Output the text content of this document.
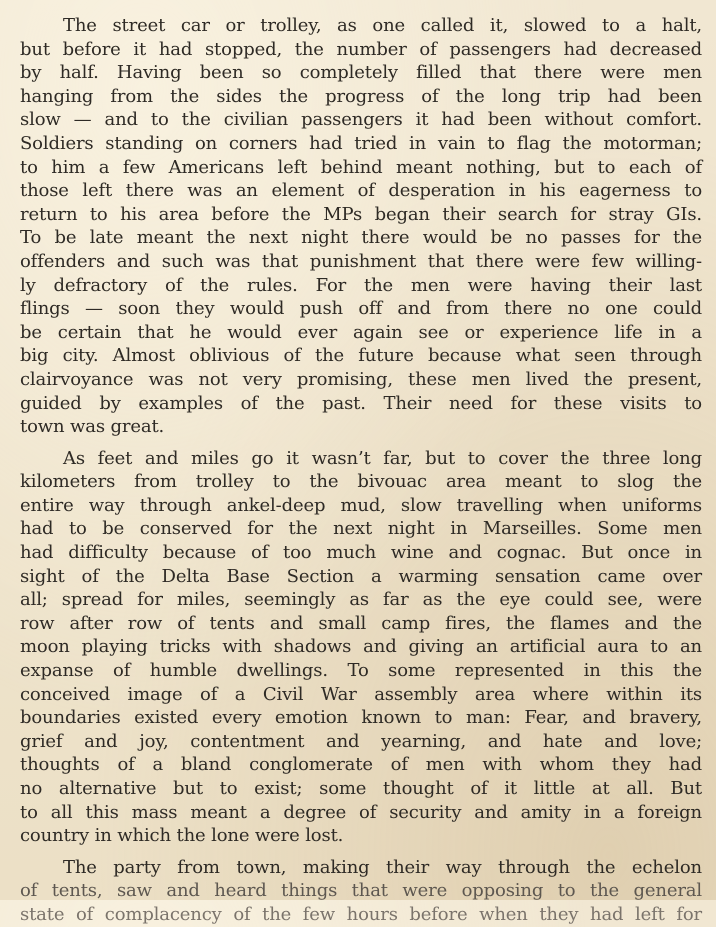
The street car or trolley, as one called it, slowed to a halt,
but before it had stopped, the number of passengers had decreased
by half. Having been so completely filled that there were men
hanging from the sides the progress of the long trip had been
slow — and to the civilian passengers it had been without comfort.
Soldiers standing on corners had tried in vain to flag the motorman;
to him a few Americans left behind meant nothing, but to each of
those left there was an element of desperation in his eagerness to
return to his area before the MPs began their search for stray GIs.
To be late meant the next night there would be no passes for the
offenders and such was that punishment that there were few willing-
ly defractory of the rules. For the men were having their last
flings — soon they would push off and from there no one could
be certain that he would ever again see or experience life in a
big city. Almost oblivious of the future because what seen through
clairvoyance was not very promising, these men lived the present,
guided by examples of the past. Their need for these visits to
town was great.
As feet and miles go it wasn’t far, but to cover the three long
kilometers from trolley to the bivouac area meant to slog the
entire way through ankel-deep mud, slow travelling when uniforms
had to be conserved for the next night in Marseilles. Some men
had difficulty because of too much wine and cognac. But once in
sight of the Delta Base Section a warming sensation came over
all; spread for miles, seemingly as far as the eye could see, were
row after row of tents and small camp fires, the flames and the
moon playing tricks with shadows and giving an artificial aura to an
expanse of humble dwellings. To some represented in this the
conceived image of a Civil War assembly area where within its
boundaries existed every emotion known to man: Fear, and bravery,
grief and joy, contentment and yearning, and hate and love;
thoughts of a bland conglomerate of men with whom they had
no alternative but to exist; some thought of it little at all. But
to all this mass meant a degree of security and amity in a foreign
country in which the lone were lost.
The party from town, making their way through the echelon
of tents, saw and heard things that were opposing to the general
state of complacency of the few hours before when they had left for
